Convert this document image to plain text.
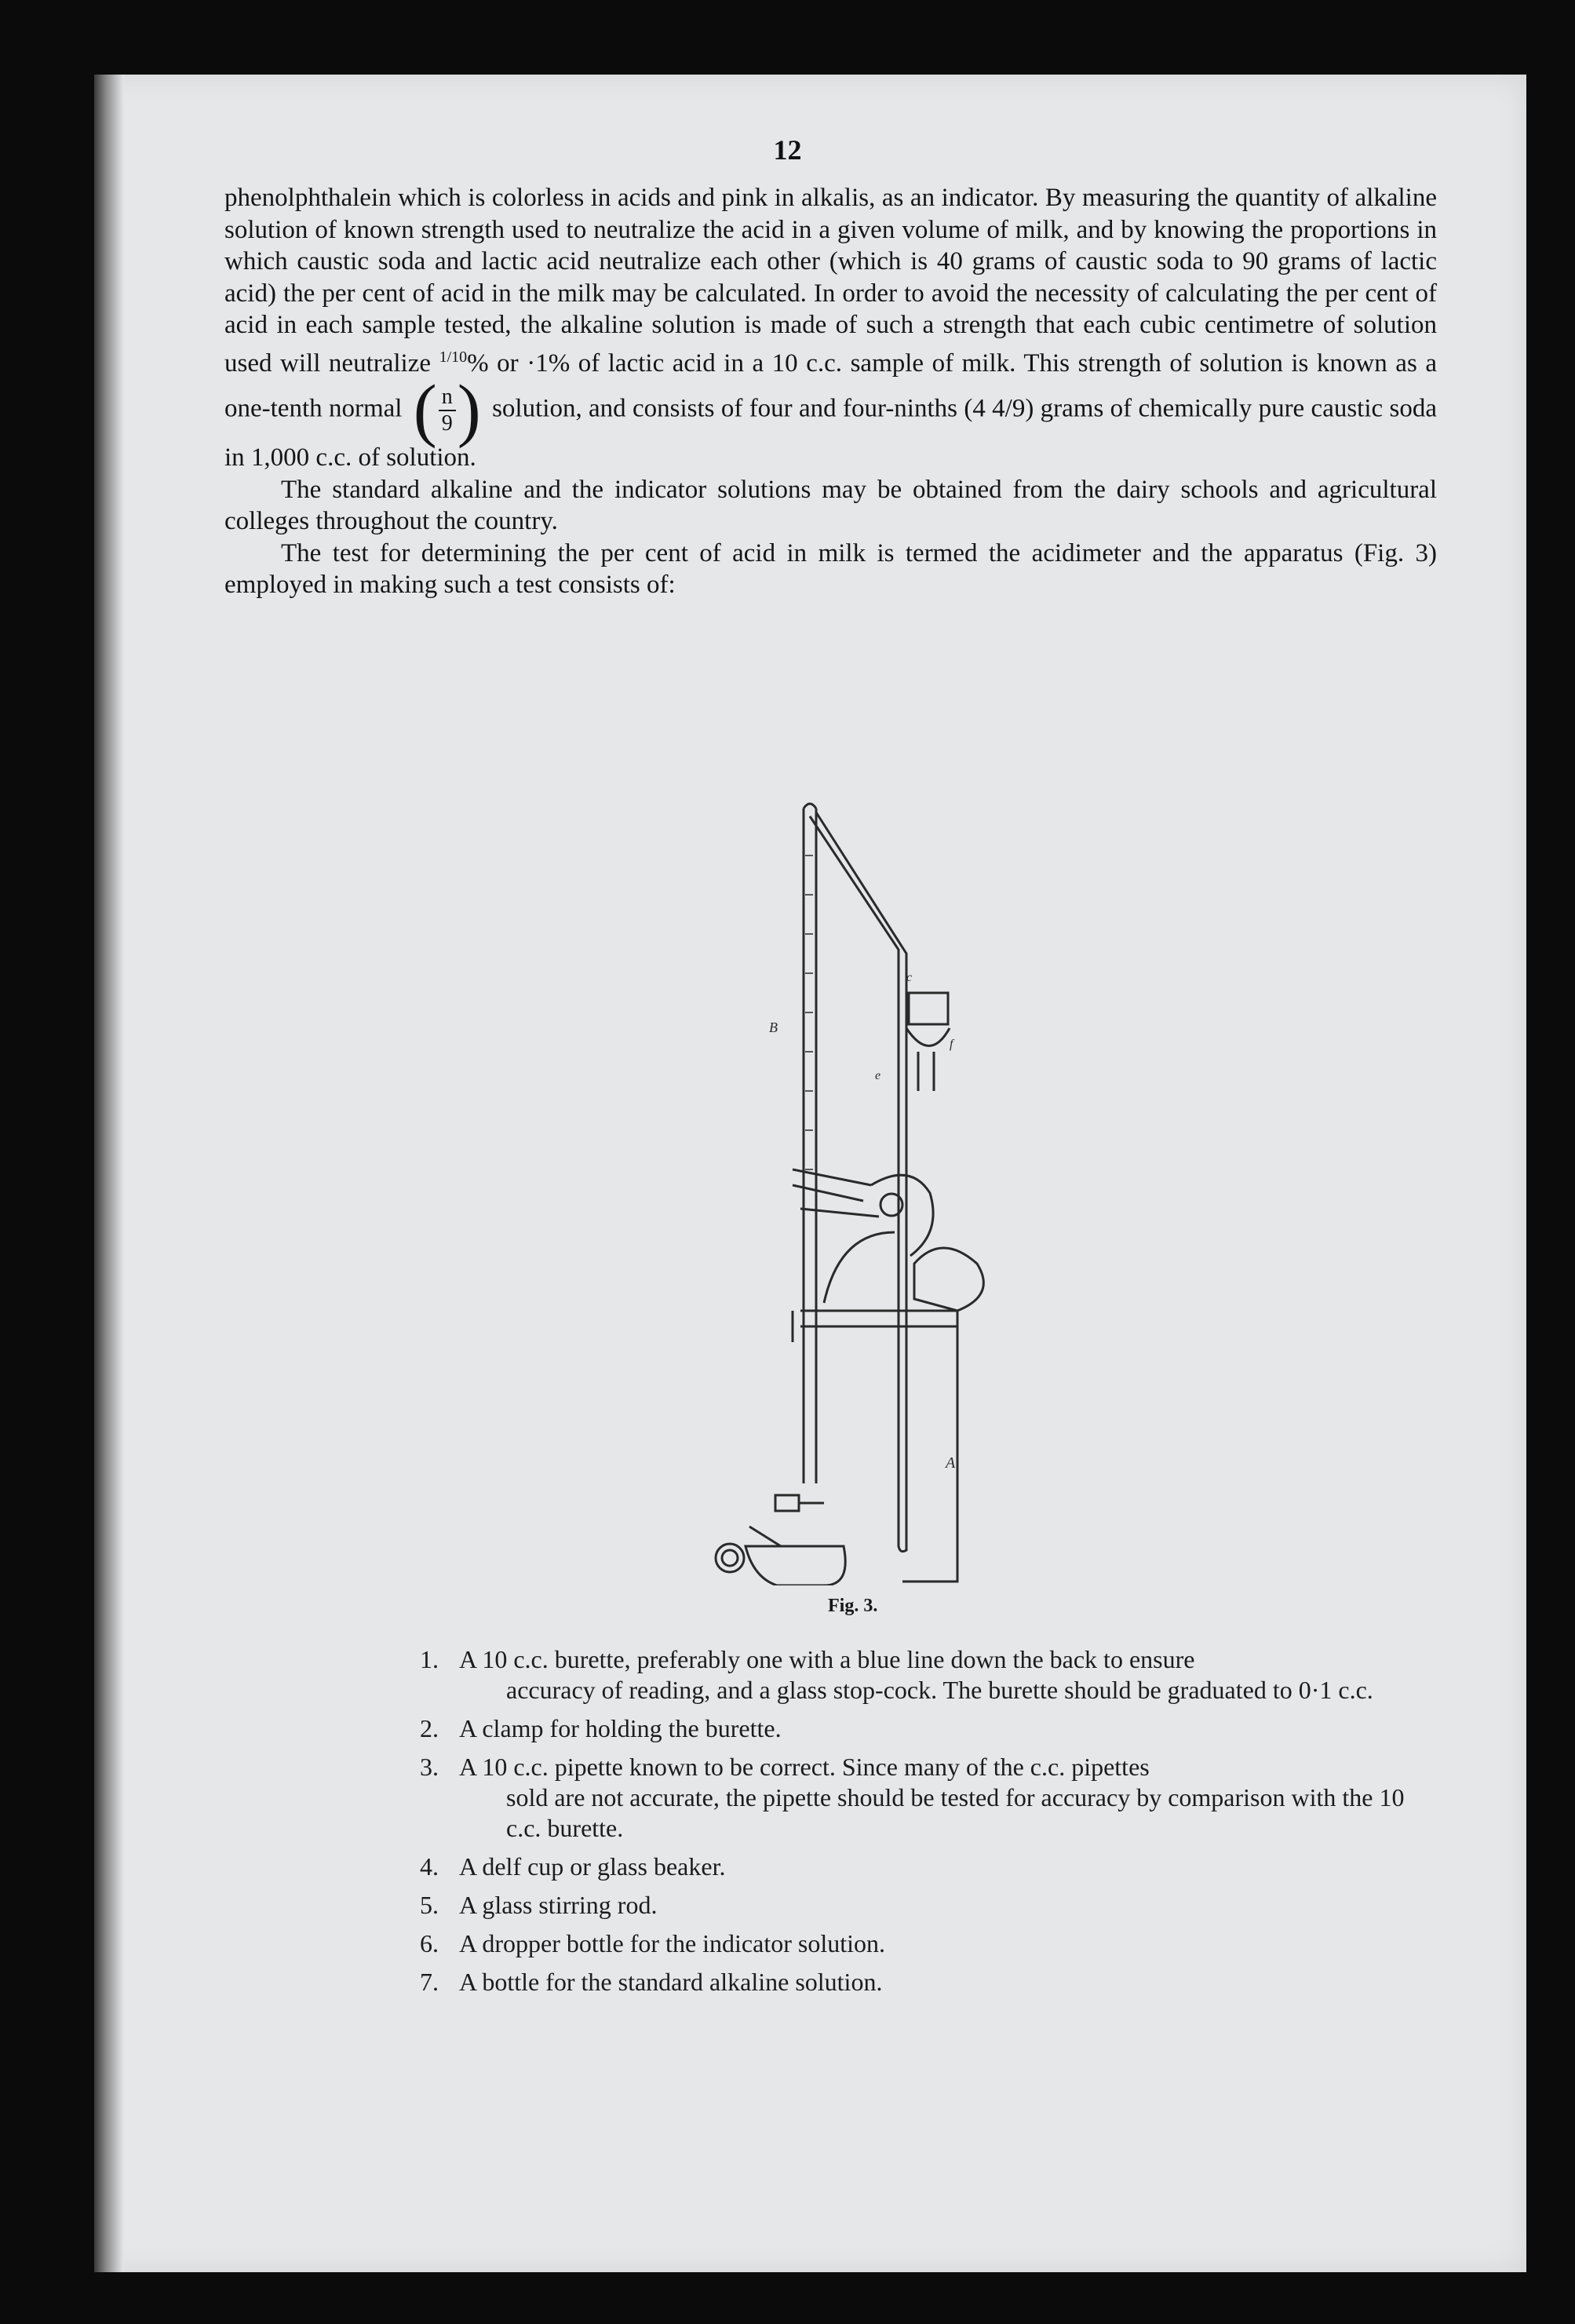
12

phenolphthalein which is colorless in acids and pink in alkalis, as an indicator. By measuring the quantity of alkaline solution of known strength used to neutralize the acid in a given volume of milk, and by knowing the proportions in which caustic soda and lactic acid neutralize each other (which is 40 grams of caustic soda to 90 grams of lactic acid) the per cent of acid in the milk may be calculated. In order to avoid the necessity of calculating the per cent of acid in each sample tested, the alkaline solution is made of such a strength that each cubic centimetre of solution used will neutralize $^{1/10}$% or ·1% of lactic acid in a 10 c.c. sample of milk. This strength of solution is known as a one-tenth normal ( n
9 ) solution, and consists of four and four-ninths (4 4/9) grams of chemically pure caustic soda in 1,000 c.c. of solution.

The standard alkaline and the indicator solutions may be obtained from the dairy schools and agricultural colleges throughout the country.

The test for determining the per cent of acid in milk is termed the acidimeter and the apparatus (Fig. 3) employed in making such a test consists of:

B
A
c
e
f
Fig. 3.
1. A 10 c.c. burette, preferably one with a blue line down the back to ensure
accuracy of reading, and a glass stop-cock. The burette should be graduated to 0·1 c.c.
2. A clamp for holding the burette.
3. A 10 c.c. pipette known to be correct. Since many of the c.c. pipettes
sold are not accurate, the pipette should be tested for accuracy by comparison with the 10 c.c. burette.
4. A delf cup or glass beaker.
5. A glass stirring rod.
6. A dropper bottle for the indicator solution.
7. A bottle for the standard alkaline solution.
